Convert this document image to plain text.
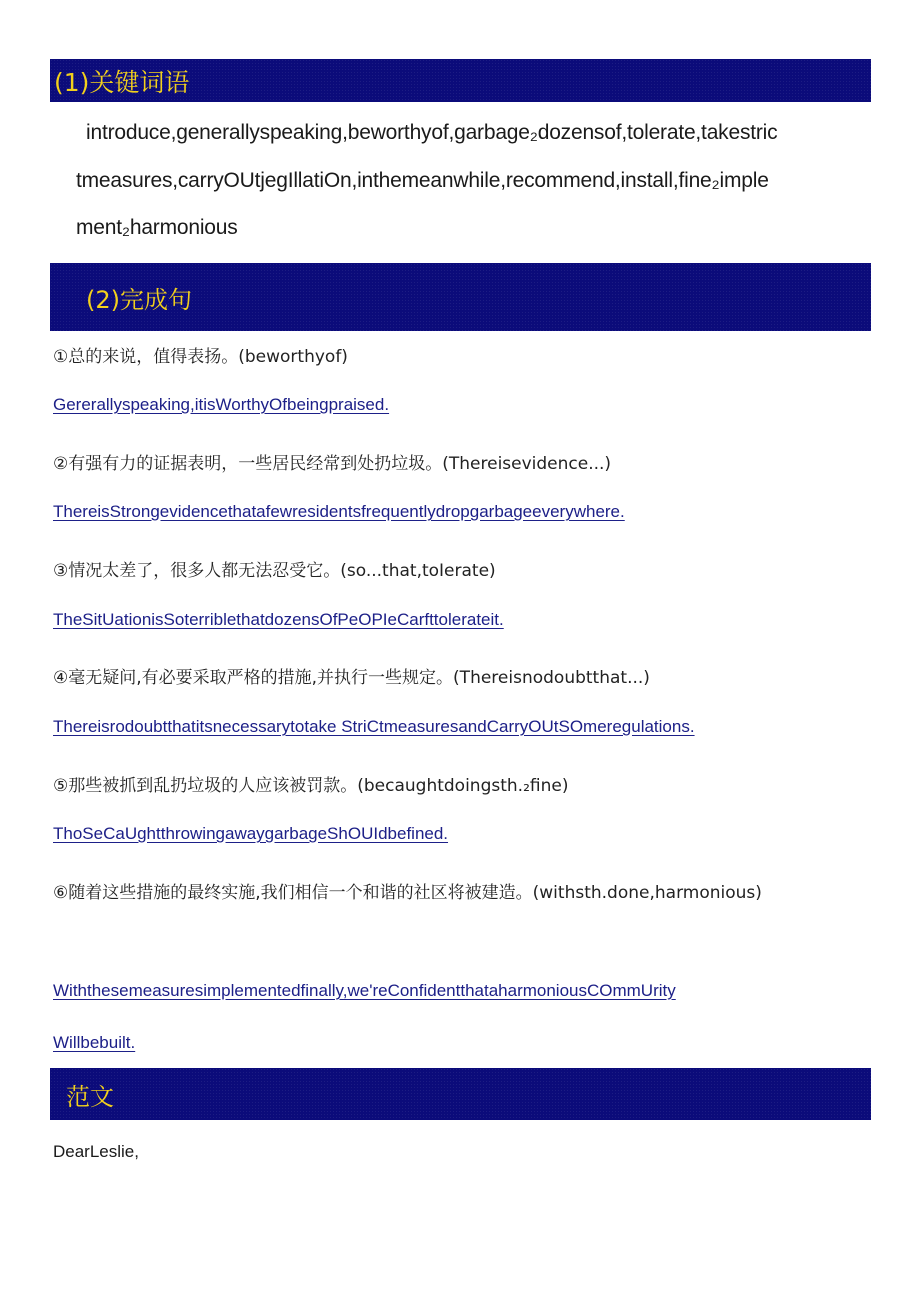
(1)关键词语
introduce,generallyspeaking,beworthyof,garbage₂dozensof,tolerate,takestric
tmeasures,carryOUtjegIllatiOn,inthemeanwhile,recommend,install,fine₂imple
ment₂harmonious
(2)完成句
①总的来说，值得表扬。(beworthyof)
Gererallyspeaking,itisWorthyOfbeingpraised.
②有强有力的证据表明，一些居民经常到处扔垃圾。(Thereisevidence...)
ThereisStrongevidencethatafewresidentsfrequentlydropgarbageeverywhere.
③情况太差了，很多人都无法忍受它。(so...that,toIerate)
TheSitUationisSoterriblethatdozensOfPeOPIeCarfttolerateit.
④毫无疑问,有必要采取严格的措施,并执行一些规定。(Thereisnodoubtthat...)
Thereisrodoubtthatitsnecessarytotake StriCtmeasuresandCarryOUtSOmeregulations.
⑤那些被抓到乱扔垃圾的人应该被罚款。(becaughtdoingsth.₂fine)
ThoSeCaUghtthrowingawaygarbageShOUIdbefined.
⑥随着这些措施的最终实施,我们相信一个和谐的社区将被建造。(withsth.done,harmonious)
Withthesemeasuresimplementedfinally,we'reConfidentthataharmoniousCOmmUrity
Willbebuilt.
范文
DearLeslie,
